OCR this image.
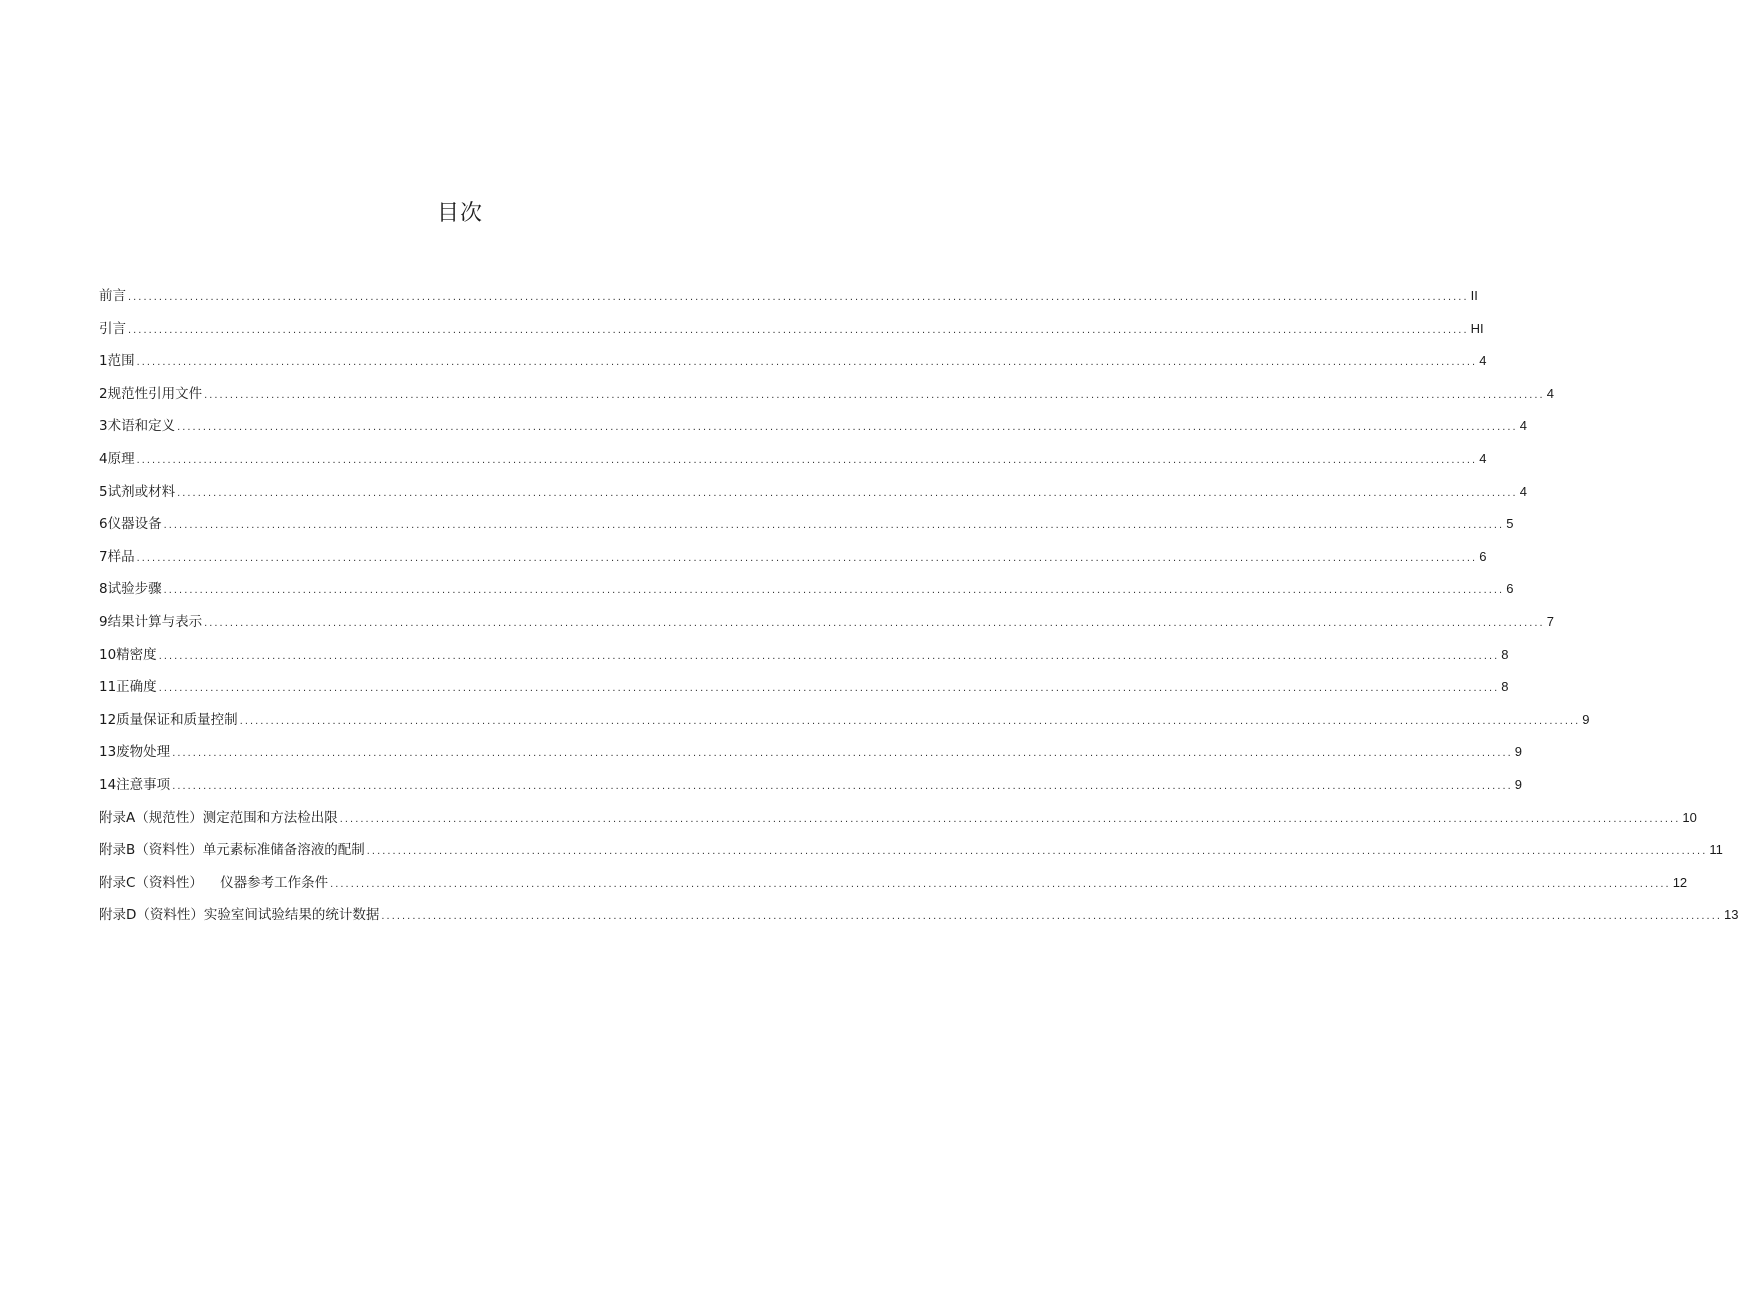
目次
前言 .................................................................................................................................................................................................................................................................... II
引言 .................................................................................................................................................................................................................................................................... HI
1范围 .................................................................................................................................................................................................................................................................... 4
2规范性引用文件 .................................................................................................................................................................................................................................................................... 4
3术语和定义 .................................................................................................................................................................................................................................................................... 4
4原理 .................................................................................................................................................................................................................................................................... 4
5试剂或材料 .................................................................................................................................................................................................................................................................... 4
6仪器设备 .................................................................................................................................................................................................................................................................... 5
7样品 .................................................................................................................................................................................................................................................................... 6
8试验步骤 .................................................................................................................................................................................................................................................................... 6
9结果计算与表示 .................................................................................................................................................................................................................................................................... 7
10精密度 .................................................................................................................................................................................................................................................................... 8
11正确度 .................................................................................................................................................................................................................................................................... 8
12质量保证和质量控制 .................................................................................................................................................................................................................................................................... 9
13废物处理 .................................................................................................................................................................................................................................................................... 9
14注意事项 .................................................................................................................................................................................................................................................................... 9
附录A（规范性）测定范围和方法检出限 .................................................................................................................................................................................................................................................................... 10
附录B（资料性）单元素标准储备溶液的配制 .................................................................................................................................................................................................................................................................... 11
附录C（资料性）    仪器参考工作条件 .................................................................................................................................................................................................................................................................... 12
附录D（资料性）实验室间试验结果的统计数据 .................................................................................................................................................................................................................................................................... 13
